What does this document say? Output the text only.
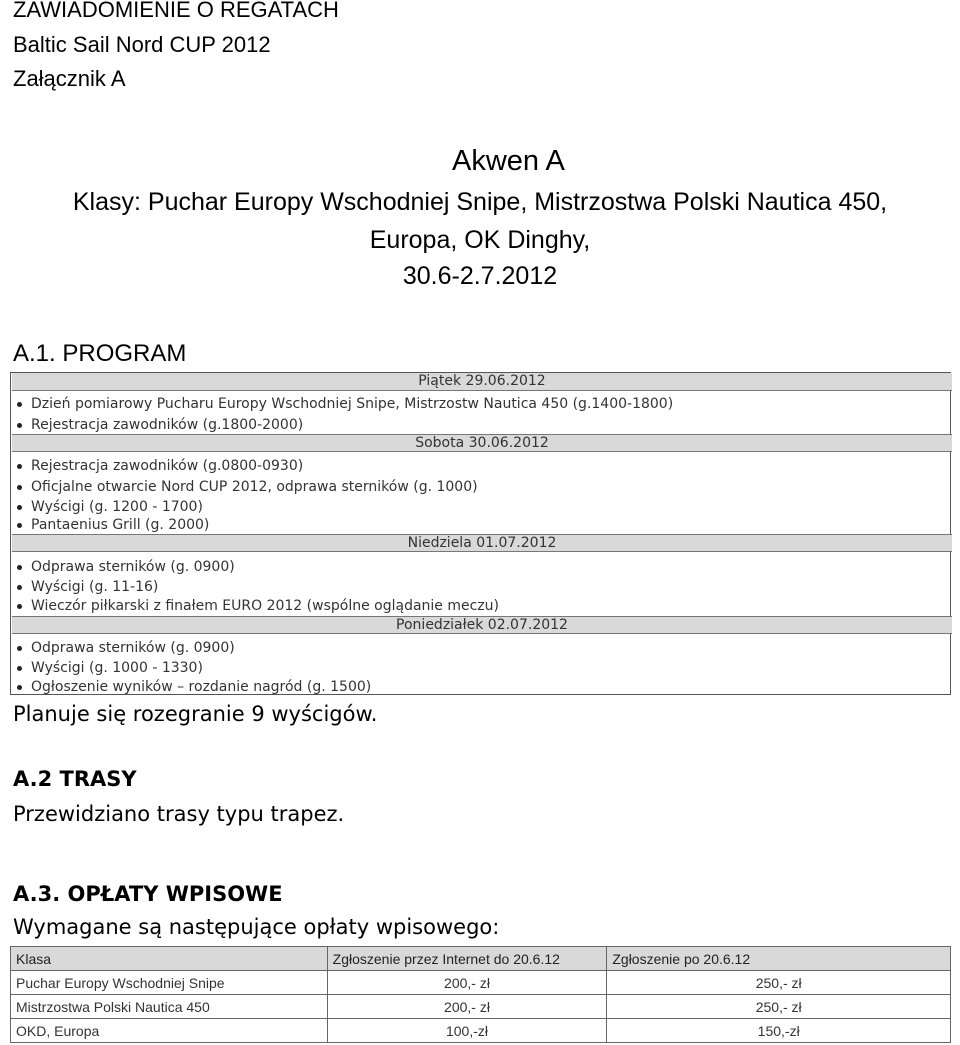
ZAWIADOMIENIE O REGATACH
Baltic Sail Nord CUP 2012
Załącznik A
Akwen A
Klasy: Puchar Europy Wschodniej Snipe, Mistrzostwa Polski Nautica 450,
Europa, OK Dinghy,
30.6-2.7.2012
A.1. PROGRAM
Piątek 29.06.2012
Dzień pomiarowy Pucharu Europy Wschodniej Snipe, Mistrzostw Nautica 450 (g.1400-1800)
Rejestracja zawodników (g.1800-2000)
Sobota 30.06.2012
Rejestracja zawodników (g.0800-0930)
Oficjalne otwarcie Nord CUP 2012, odprawa sterników (g. 1000)
Wyścigi (g. 1200 - 1700)
Pantaenius Grill (g. 2000)
Niedziela 01.07.2012
Odprawa sterników (g. 0900)
Wyścigi (g. 11-16)
Wieczór piłkarski z finałem EURO 2012 (wspólne oglądanie meczu)
Poniedziałek 02.07.2012
Odprawa sterników (g. 0900)
Wyścigi (g. 1000 - 1330)
Ogłoszenie wyników – rozdanie nagród (g. 1500)
Planuje się rozegranie 9 wyścigów.
A.2 TRASY
Przewidziano trasy typu trapez.
A.3. OPŁATY WPISOWE
Wymagane są następujące opłaty wpisowego:
Klasa	Zgłoszenie przez Internet do 20.6.12	Zgłoszenie po 20.6.12
Puchar Europy Wschodniej Snipe	200,- zł	250,- zł
Mistrzostwa Polski Nautica 450	200,- zł	250,- zł
OKD, Europa	100,-zł	150,-zł
